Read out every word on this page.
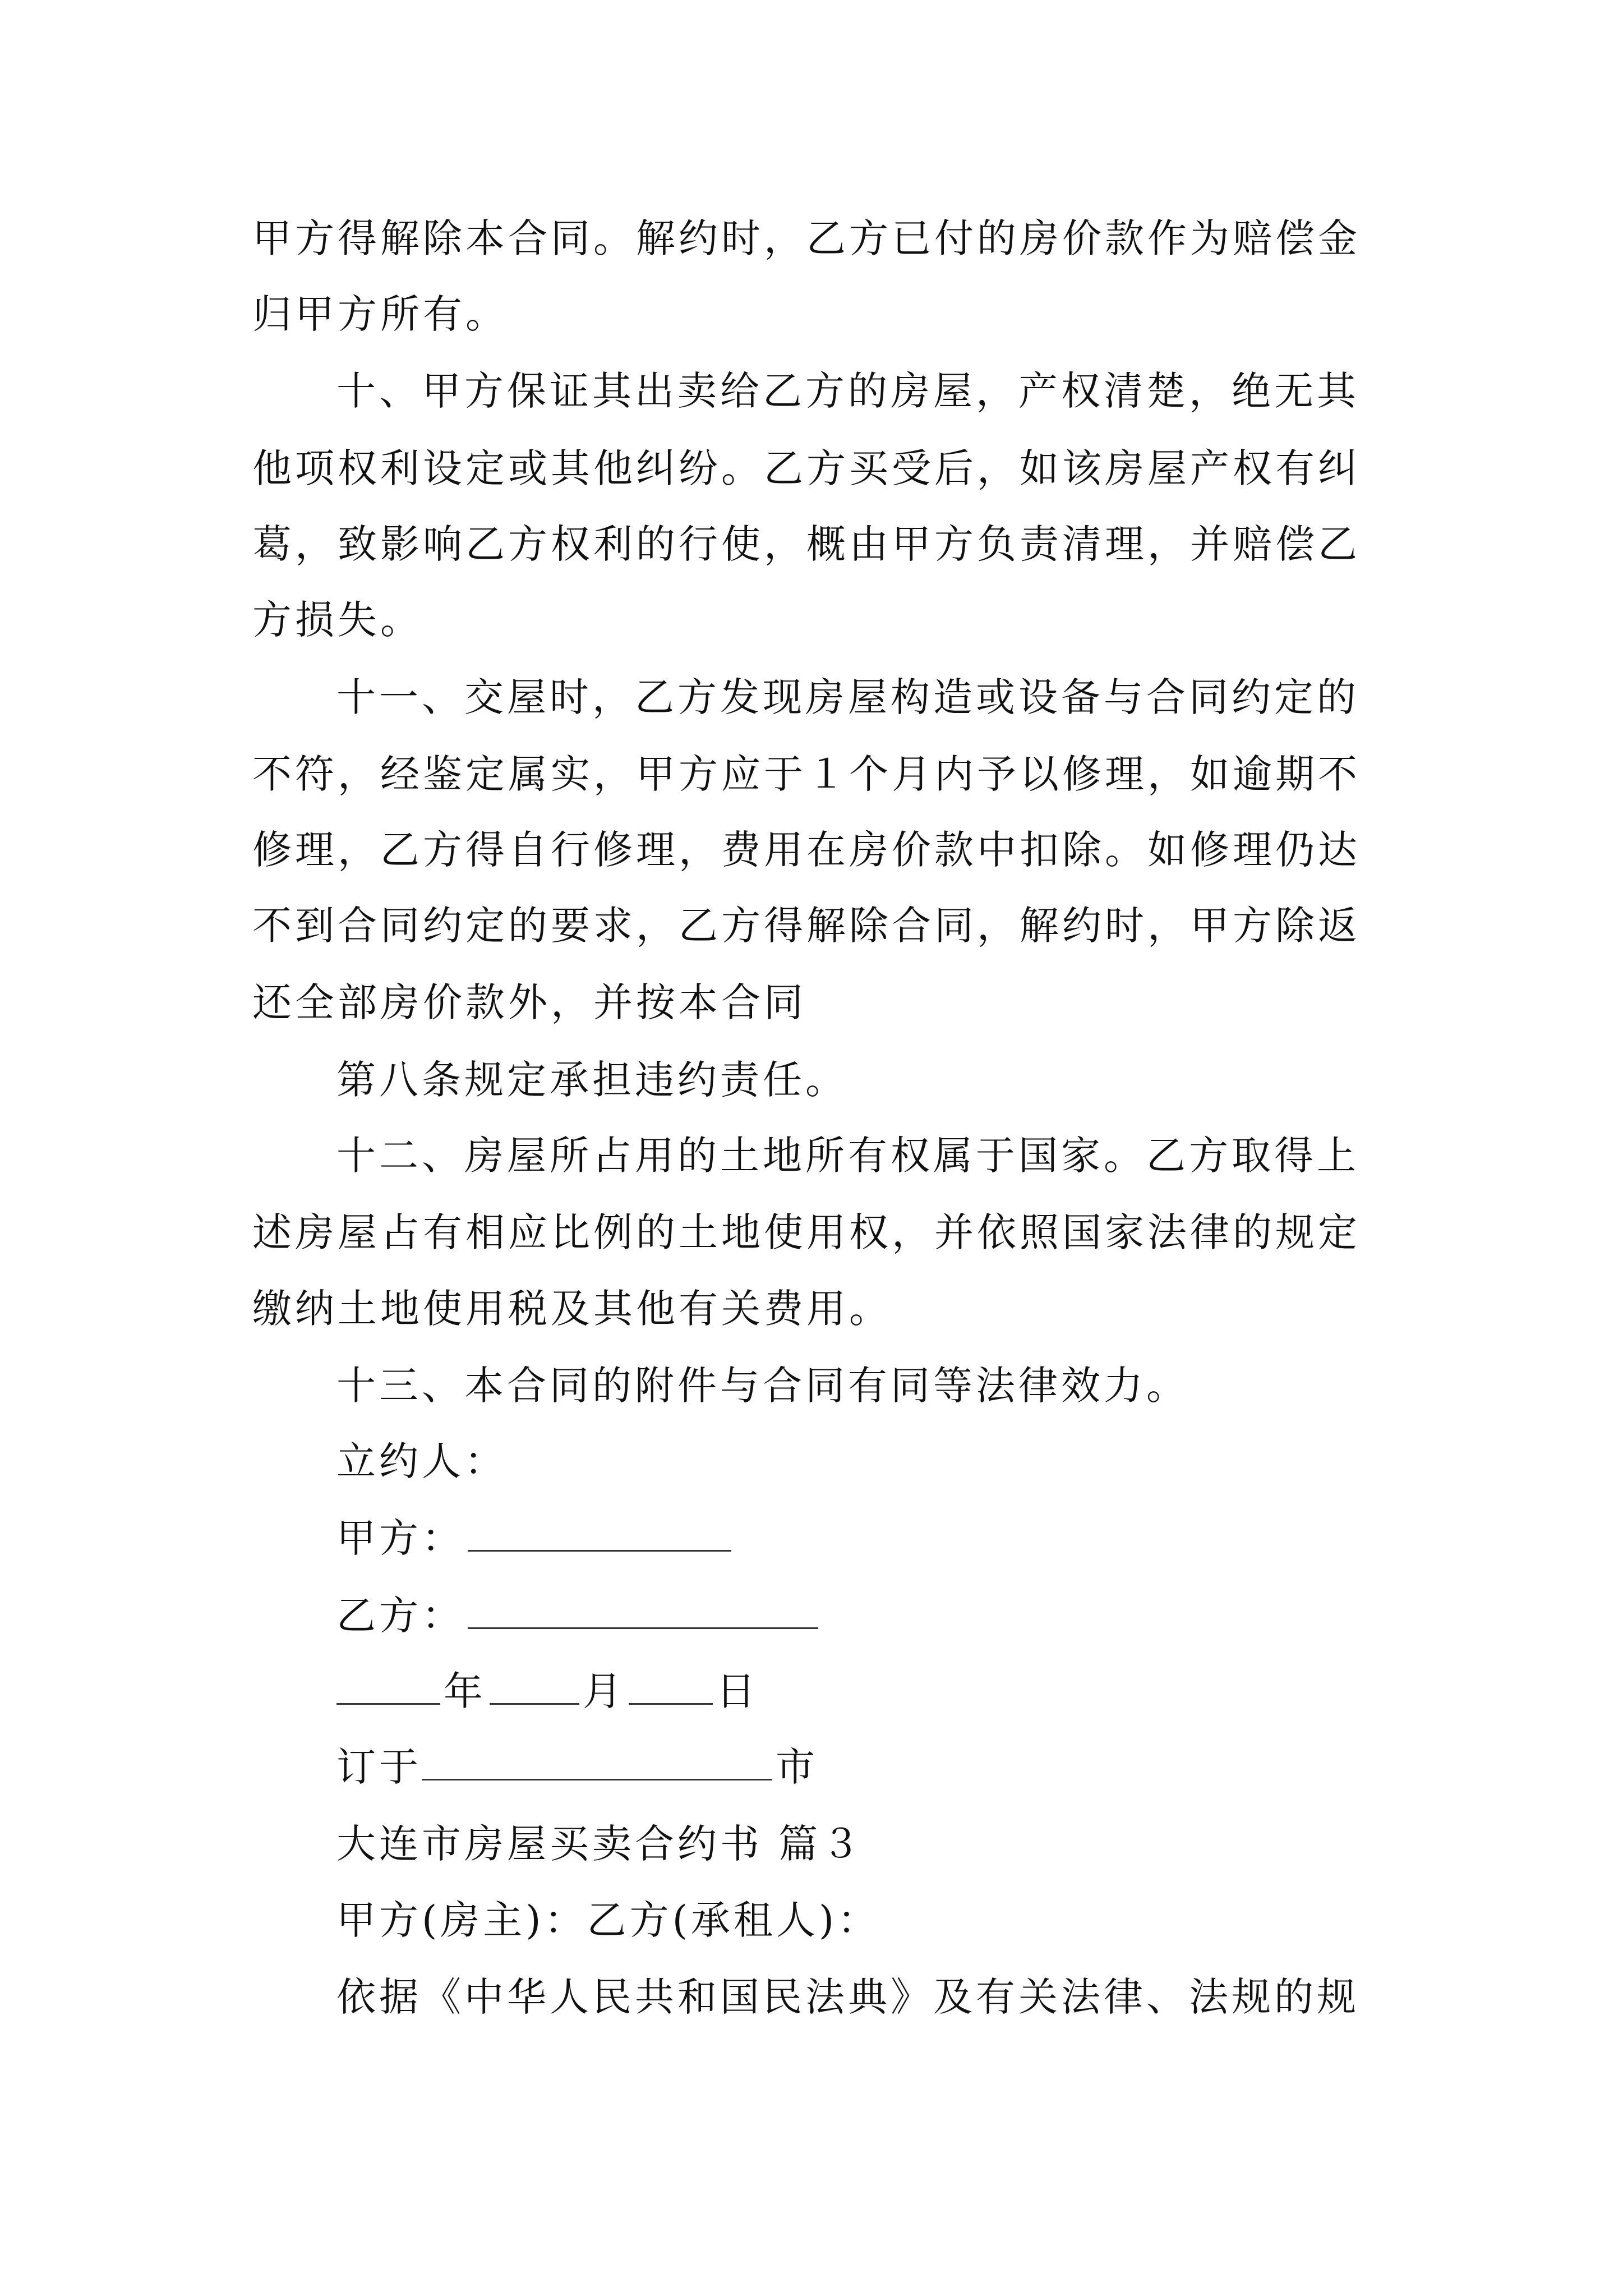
甲方得解除本合同。解约时，乙方已付的房价款作为赔偿金
归甲方所有。
十、甲方保证其出卖给乙方的房屋，产权清楚，绝无其
他项权利设定或其他纠纷。乙方买受后，如该房屋产权有纠
葛，致影响乙方权利的行使，概由甲方负责清理，并赔偿乙
方损失。
十一、交屋时，乙方发现房屋构造或设备与合同约定的
不符，经鉴定属实，甲方应于１个月内予以修理，如逾期不
修理，乙方得自行修理，费用在房价款中扣除。如修理仍达
不到合同约定的要求，乙方得解除合同，解约时，甲方除返
还全部房价款外，并按本合同
第八条规定承担违约责任。
十二、房屋所占用的土地所有权属于国家。乙方取得上
述房屋占有相应比例的土地使用权，并依照国家法律的规定
缴纳土地使用税及其他有关费用。
十三、本合同的附件与合同有同等法律效力。
立约人：
甲方：
乙方：
年 月 日
订于	市
大连市房屋买卖合约书 篇３
甲方(房主)：乙方(承租人)：
依据《中华人民共和国民法典》及有关法律、法规的规
